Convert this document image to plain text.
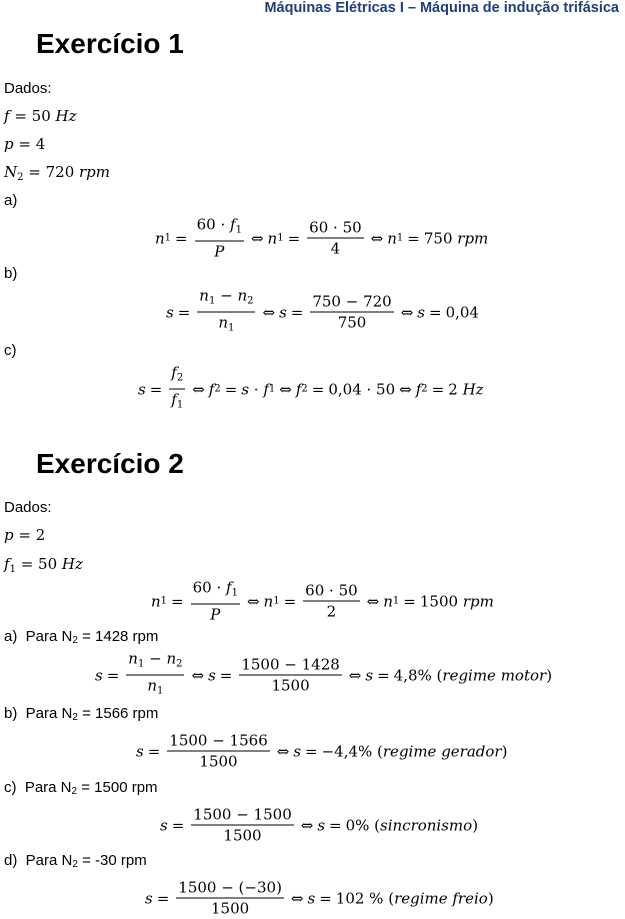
Máquinas Elétricas I – Máquina de indução trifásica
Exercício 1
Dados:
f = 50 Hz
p = 4
$N_2 = 720$ rpm
a)
n $1 = \frac{60 \cdot f_1}{P}$ ⇔ n $1 = \frac{60 \cdot 50}{4}$ ⇔ n 1 = 750 rpm
b)
$s = \frac{n_1 - n_2}{n_1}$ ⇔ $s = \frac{750 - 720}{750}$ ⇔ s = 0,04
c)
$s = \frac{f_2}{f_1}$ ⇔ f 2 = s · f 1 ⇔ f 2 = 0,04 · 50 ⇔ f 2 = 2 Hz
Exercício 2
Dados:
p = 2
$f_1 = 50$ Hz
n $1 = \frac{60 \cdot f_1}{P}$ ⇔ n $1 = \frac{60 \cdot 50}{2}$ ⇔ n 1 = 1500 rpm
a)  Para N2 = 1428 rpm
$s = \frac{n_1 - n_2}{n_1}$ ⇔ $s = \frac{1500 - 1428}{1500}$ ⇔ s = 4,8% ( regime motor )
b)  Para N2 = 1566 rpm
$s = \frac{1500 - 1566}{1500}$ ⇔ s = −4,4% ( regime gerador )
c)  Para N2 = 1500 rpm
$s = \frac{1500 - 1500}{1500}$ ⇔ s = 0% ( sincronismo )
d)  Para N2 = -30 rpm
$s = \frac{1500 - (-30)}{1500}$ ⇔ s = 102 % ( regime freio )
